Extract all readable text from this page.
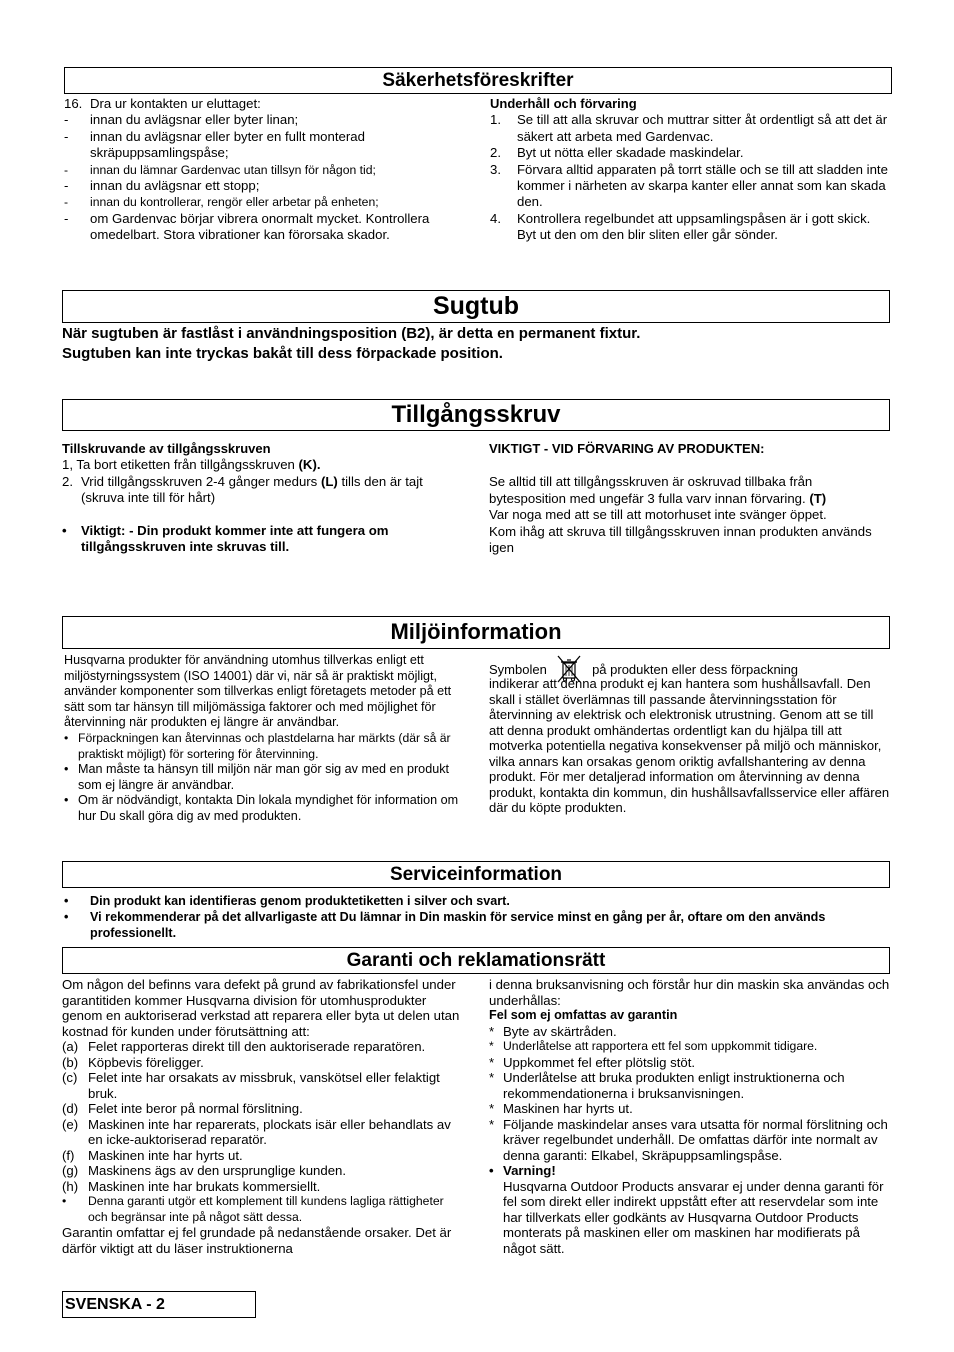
Säkerhetsföreskrifter
16. Dra ur kontakten ur eluttaget:
-	innan du avlägsnar eller byter linan;
-	innan du avlägsnar eller byter en fullt monterad skräpuppsamlingspåse;
-	innan du lämnar Gardenvac utan tillsyn för någon tid;
-	innan du avlägsnar ett stopp;
-	innan du kontrollerar, rengör eller arbetar på enheten;
-	om Gardenvac börjar vibrera onormalt mycket. Kontrollera omedelbart. Stora vibrationer kan förorsaka skador.
Underhåll och förvaring
1.	Se till att alla skruvar och muttrar sitter åt ordentligt så att det är säkert att arbeta med Gardenvac.
2.	Byt ut nötta eller skadade maskindelar.
3.	Förvara alltid apparaten på torrt ställe och se till att sladden inte kommer i närheten av skarpa kanter eller annat som kan skada den.
4.	Kontrollera regelbundet att uppsamlingspåsen är i gott skick. Byt ut den om den blir sliten eller går sönder.
Sugtub
När sugtuben är fastlåst i användningsposition (B2), är detta en permanent fixtur.
Sugtuben kan inte tryckas bakåt till dess förpackade position.
Tillgångsskruv
Tillskruvande av tillgångsskruven
1, Ta bort etiketten från tillgångsskruven (K).
2. Vrid tillgångsskruven 2-4 gånger medurs (L) tills den är tajt (skruva inte till för hårt)
•	Viktigt: - Din produkt kommer inte att fungera om tillgångsskruven inte skruvas till.
VIKTIGT - VID FÖRVARING AV PRODUKTEN:
Se alltid till att tillgångsskruven är oskruvad tillbaka från bytesposition med ungefär 3 fulla varv innan förvaring. (T)
Var noga med att se till att motorhuset inte svänger öppet.
Kom ihåg att skruva till tillgångsskruven innan produkten används igen
Miljöinformation
Husqvarna produkter för användning utomhus tillverkas enligt ett miljöstyrningssystem (ISO 14001) där vi, när så är praktiskt möjligt, använder komponenter som tillverkas enligt företagets metoder på ett sätt som tar hänsyn till miljömässiga faktorer och med möjlighet för återvinning när produkten ej längre är användbar.
• Förpackningen kan återvinnas och plastdelarna har märkts (där så är praktiskt möjligt) för sortering för återvinning.
• Man måste ta hänsyn till miljön när man gör sig av med en produkt som ej längre är användbar.
• Om är nödvändigt, kontakta Din lokala myndighet för information om hur Du skall göra dig av med produkten.
Symbolen	på produkten eller dess förpackning
indikerar att denna produkt ej kan hantera som hushållsavfall. Den skall i stället överlämnas till passande återvinningsstation för återvinning av elektrisk och elektronisk utrustning. Genom att se till att denna produkt omhändertas ordentligt kan du hjälpa till att motverka potentiella negativa konsekvenser på miljö och människor, vilka annars kan orsakas genom oriktig avfallshantering av denna produkt. För mer detaljerad information om återvinning av denna produkt, kontakta din kommun, din hushållsavfallsservice eller affären där du köpte produkten.
Serviceinformation
•	Din produkt kan identifieras genom produktetiketten i silver och svart.
•	Vi rekommenderar på det allvarligaste att Du lämnar in Din maskin för service minst en gång per år, oftare om den används professionellt.
Garanti och reklamationsrätt
Om någon del befinns vara defekt på grund av fabrikationsfel under garantitiden kommer Husqvarna division för utomhusprodukter genom en auktoriserad verkstad att reparera eller byta ut delen utan kostnad för kunden under förutsättning att:
(a) Felet rapporteras direkt till den auktoriserade reparatören.
(b) Köpbevis föreligger.
(c) Felet inte har orsakats av missbruk, vanskötsel eller felaktigt bruk.
(d) Felet inte beror på normal förslitning.
(e) Maskinen inte har reparerats, plockats isär eller behandlats av en icke-auktoriserad reparatör.
(f)	Maskinen inte har hyrts ut.
(g) Maskinens ägs av den ursprunglige kunden.
(h) Maskinen inte har brukats kommersiellt.
•	Denna garanti utgör ett komplement till kundens lagliga rättigheter och begränsar inte på något sätt dessa.
Garantin omfattar ej fel grundade på nedanstående orsaker. Det är därför viktigt att du läser instruktionerna
i denna bruksanvisning och förstår hur din maskin ska användas och underhållas:
Fel som ej omfattas av garantin
* Byte av skärtråden.
* Underlåtelse att rapportera ett fel som uppkommit tidigare.
* Uppkommet fel efter plötslig stöt.
* Underlåtelse att bruka produkten enligt instruktionerna och rekommendationerna i bruksanvisningen.
* Maskinen har hyrts ut.
* Följande maskindelar anses vara utsatta för normal förslitning och kräver regelbundet underhåll. De omfattas därför inte normalt av denna garanti: Elkabel, Skräpuppsamlingspåse.
• Varning!
Husqvarna Outdoor Products ansvarar ej under denna garanti för fel som direkt eller indirekt uppstått efter att reservdelar som inte har tillverkats eller godkänts av Husqvarna Outdoor Products monterats på maskinen eller om maskinen har modifierats på något sätt.
SVENSKA - 2
